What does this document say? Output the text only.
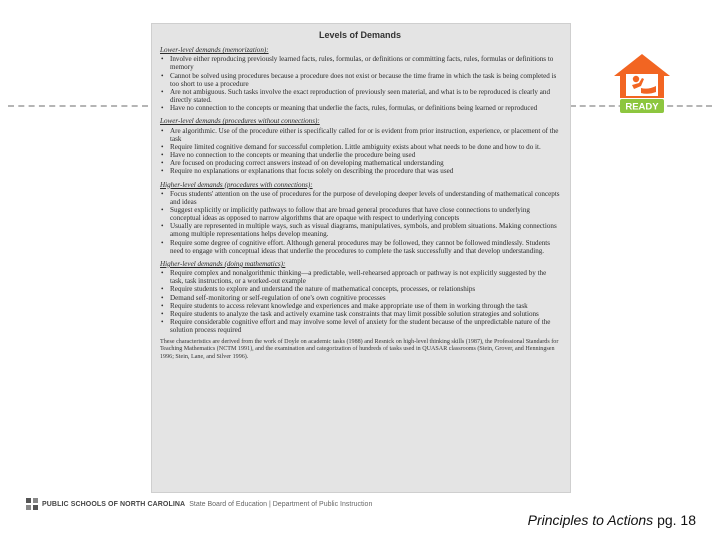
Levels of Demands
Lower-level demands (memorization):
• Involve either reproducing previously learned facts, rules, formulas, or definitions or committing facts, rules, formulas or definitions to memory
• Cannot be solved using procedures because a procedure does not exist or because the time frame in which the task is being completed is too short to use a procedure
• Are not ambiguous. Such tasks involve the exact reproduction of previously seen material, and what is to be reproduced is clearly and directly stated.
• Have no connection to the concepts or meaning that underlie the facts, rules, formulas, or definitions being learned or reproduced
Lower-level demands (procedures without connections):
• Are algorithmic. Use of the procedure either is specifically called for or is evident from prior instruction, experience, or placement of the task
• Require limited cognitive demand for successful completion. Little ambiguity exists about what needs to be done and how to do it.
• Have no connection to the concepts or meaning that underlie the procedure being used
• Are focused on producing correct answers instead of on developing mathematical understanding
• Require no explanations or explanations that focus solely on describing the procedure that was used
Higher-level demands (procedures with connections):
• Focus students' attention on the use of procedures for the purpose of developing deeper levels of understanding of mathematical concepts and ideas
• Suggest explicitly or implicitly pathways to follow that are broad general procedures that have close connections to underlying conceptual ideas as opposed to narrow algorithms that are opaque with respect to underlying concepts
• Usually are represented in multiple ways, such as visual diagrams, manipulatives, symbols, and problem situations. Making connections among multiple representations helps develop meaning.
• Require some degree of cognitive effort. Although general procedures may be followed, they cannot be followed mindlessly. Students need to engage with conceptual ideas that underlie the procedures to complete the task successfully and that develop understanding.
Higher-level demands (doing mathematics):
• Require complex and nonalgorithmic thinking—a predictable, well-rehearsed approach or pathway is not explicitly suggested by the task, task instructions, or a worked-out example
• Require students to explore and understand the nature of mathematical concepts, processes, or relationships
• Demand self-monitoring or self-regulation of one's own cognitive processes
• Require students to access relevant knowledge and experiences and make appropriate use of them in working through the task
• Require students to analyze the task and actively examine task constraints that may limit possible solution strategies and solutions
• Require considerable cognitive effort and may involve some level of anxiety for the student because of the unpredictable nature of the solution process required
These characteristics are derived from the work of Doyle on academic tasks (1988) and Resnick on high-level thinking skills (1987), the Professional Standards for Teaching Mathematics (NCTM 1991), and the examination and categorization of hundreds of tasks used in QUASAR classrooms (Stein, Grover, and Henningsen 1996; Stein, Lane, and Silver 1996).
READY
PUBLIC SCHOOLS OF NORTH CAROLINA State Board of Education | Department of Public Instruction
Principles to Actions pg. 18
